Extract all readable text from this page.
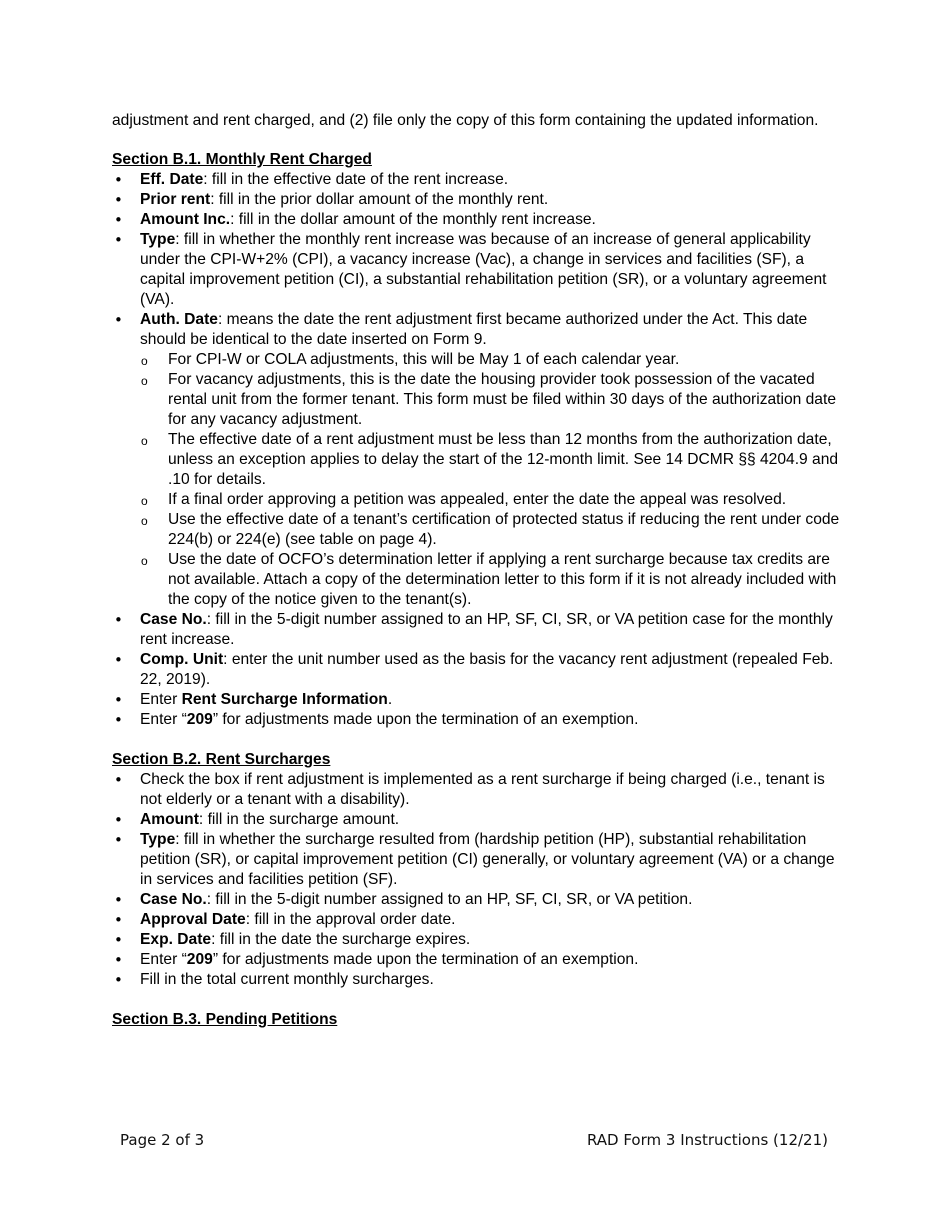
adjustment and rent charged, and (2) file only the copy of this form containing the updated information.

Section B.1. Monthly Rent Charged

• Eff. Date: fill in the effective date of the rent increase.
• Prior rent: fill in the prior dollar amount of the monthly rent.
• Amount Inc.: fill in the dollar amount of the monthly rent increase.
• Type: fill in whether the monthly rent increase was because of an increase of general applicability under the CPI-W+2% (CPI), a vacancy increase (Vac), a change in services and facilities (SF), a capital improvement petition (CI), a substantial rehabilitation petition (SR), or a voluntary agreement (VA).
• Auth. Date: means the date the rent adjustment first became authorized under the Act. This date should be identical to the date inserted on Form 9.
o For CPI-W or COLA adjustments, this will be May 1 of each calendar year.
o For vacancy adjustments, this is the date the housing provider took possession of the vacated rental unit from the former tenant. This form must be filed within 30 days of the authorization date for any vacancy adjustment.
o The effective date of a rent adjustment must be less than 12 months from the authorization date, unless an exception applies to delay the start of the 12-month limit. See 14 DCMR §§ 4204.9 and .10 for details.
o If a final order approving a petition was appealed, enter the date the appeal was resolved.
o Use the effective date of a tenant’s certification of protected status if reducing the rent under code 224(b) or 224(e) (see table on page 4).
o Use the date of OCFO’s determination letter if applying a rent surcharge because tax credits are not available. Attach a copy of the determination letter to this form if it is not already included with the copy of the notice given to the tenant(s).
• Case No.: fill in the 5-digit number assigned to an HP, SF, CI, SR, or VA petition case for the monthly rent increase.
• Comp. Unit: enter the unit number used as the basis for the vacancy rent adjustment (repealed Feb. 22, 2019).
• Enter Rent Surcharge Information.
• Enter “209” for adjustments made upon the termination of an exemption.

Section B.2. Rent Surcharges

• Check the box if rent adjustment is implemented as a rent surcharge if being charged (i.e., tenant is not elderly or a tenant with a disability).
• Amount: fill in the surcharge amount.
• Type: fill in whether the surcharge resulted from (hardship petition (HP), substantial rehabilitation petition (SR), or capital improvement petition (CI) generally, or voluntary agreement (VA) or a change in services and facilities petition (SF).
• Case No.: fill in the 5-digit number assigned to an HP, SF, CI, SR, or VA petition.
• Approval Date: fill in the approval order date.
• Exp. Date: fill in the date the surcharge expires.
• Enter “209” for adjustments made upon the termination of an exemption.
• Fill in the total current monthly surcharges.

Section B.3. Pending Petitions

Page 2 of 3	RAD Form 3 Instructions (12/21)
